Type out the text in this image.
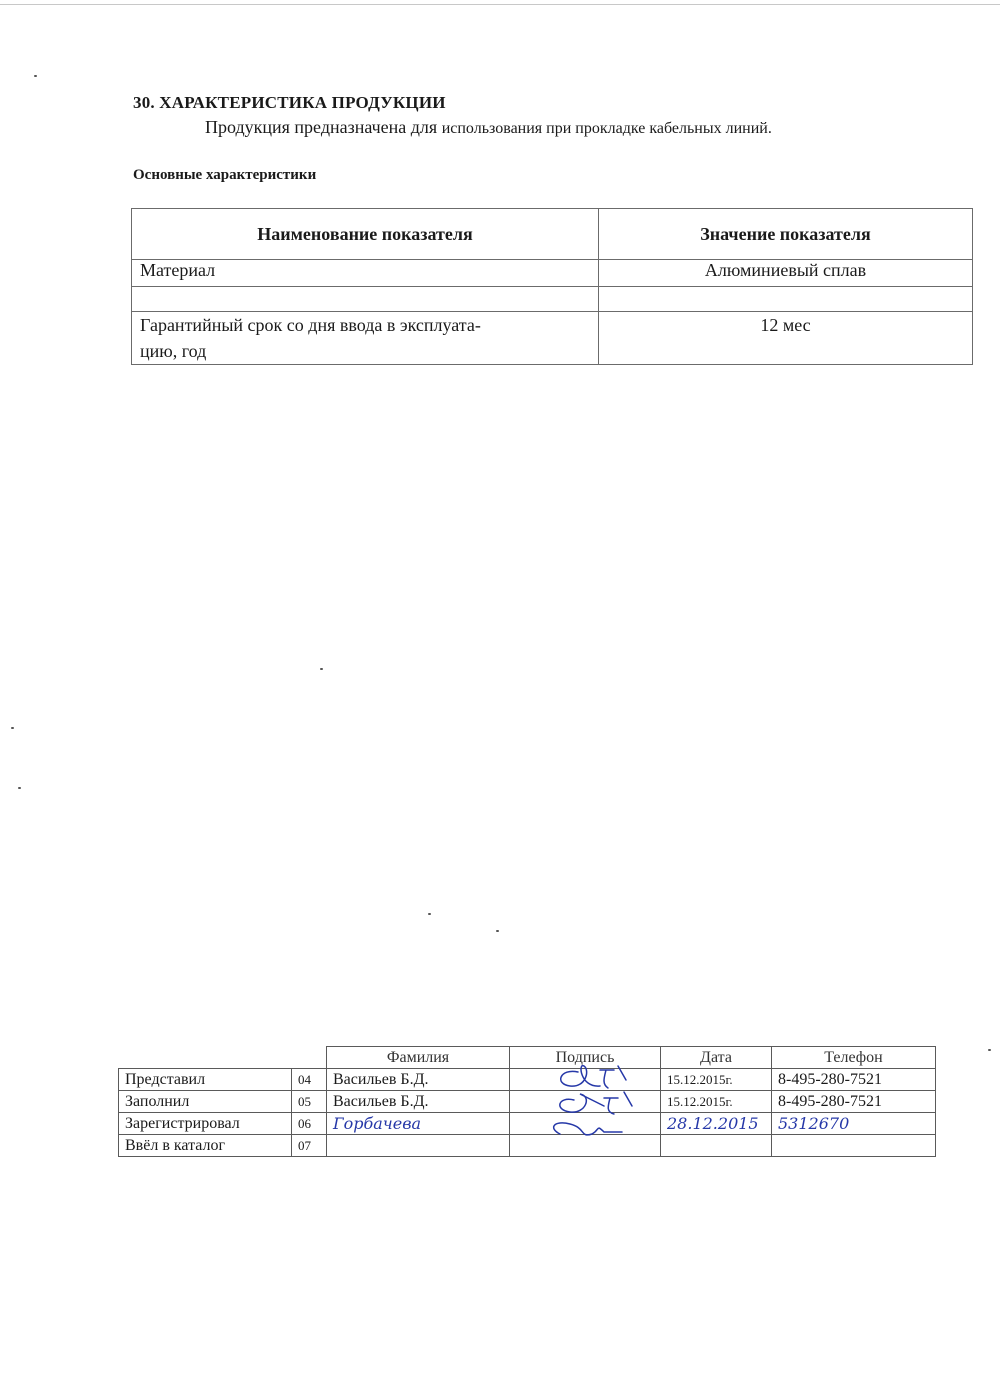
30. ХАРАКТЕРИСТИКА ПРОДУКЦИИ
Продукция предназначена для использования при прокладке кабельных линий.
Основные характеристики
Наименование показателя	Значение показателя
Материал	Алюминиевый сплав

Гарантийный срок со дня ввода в эксплуата-
цию, год	12 мес
		Фамилия	Подпись	Дата	Телефон
Представил	04	Васильев Б.Д.		15.12.2015г.	8-495-280-7521
Заполнил	05	Васильев Б.Д.		15.12.2015г.	8-495-280-7521
Зарегистрировал	06	Горбачева		28.12.2015	5312670
Ввёл в каталог	07				
